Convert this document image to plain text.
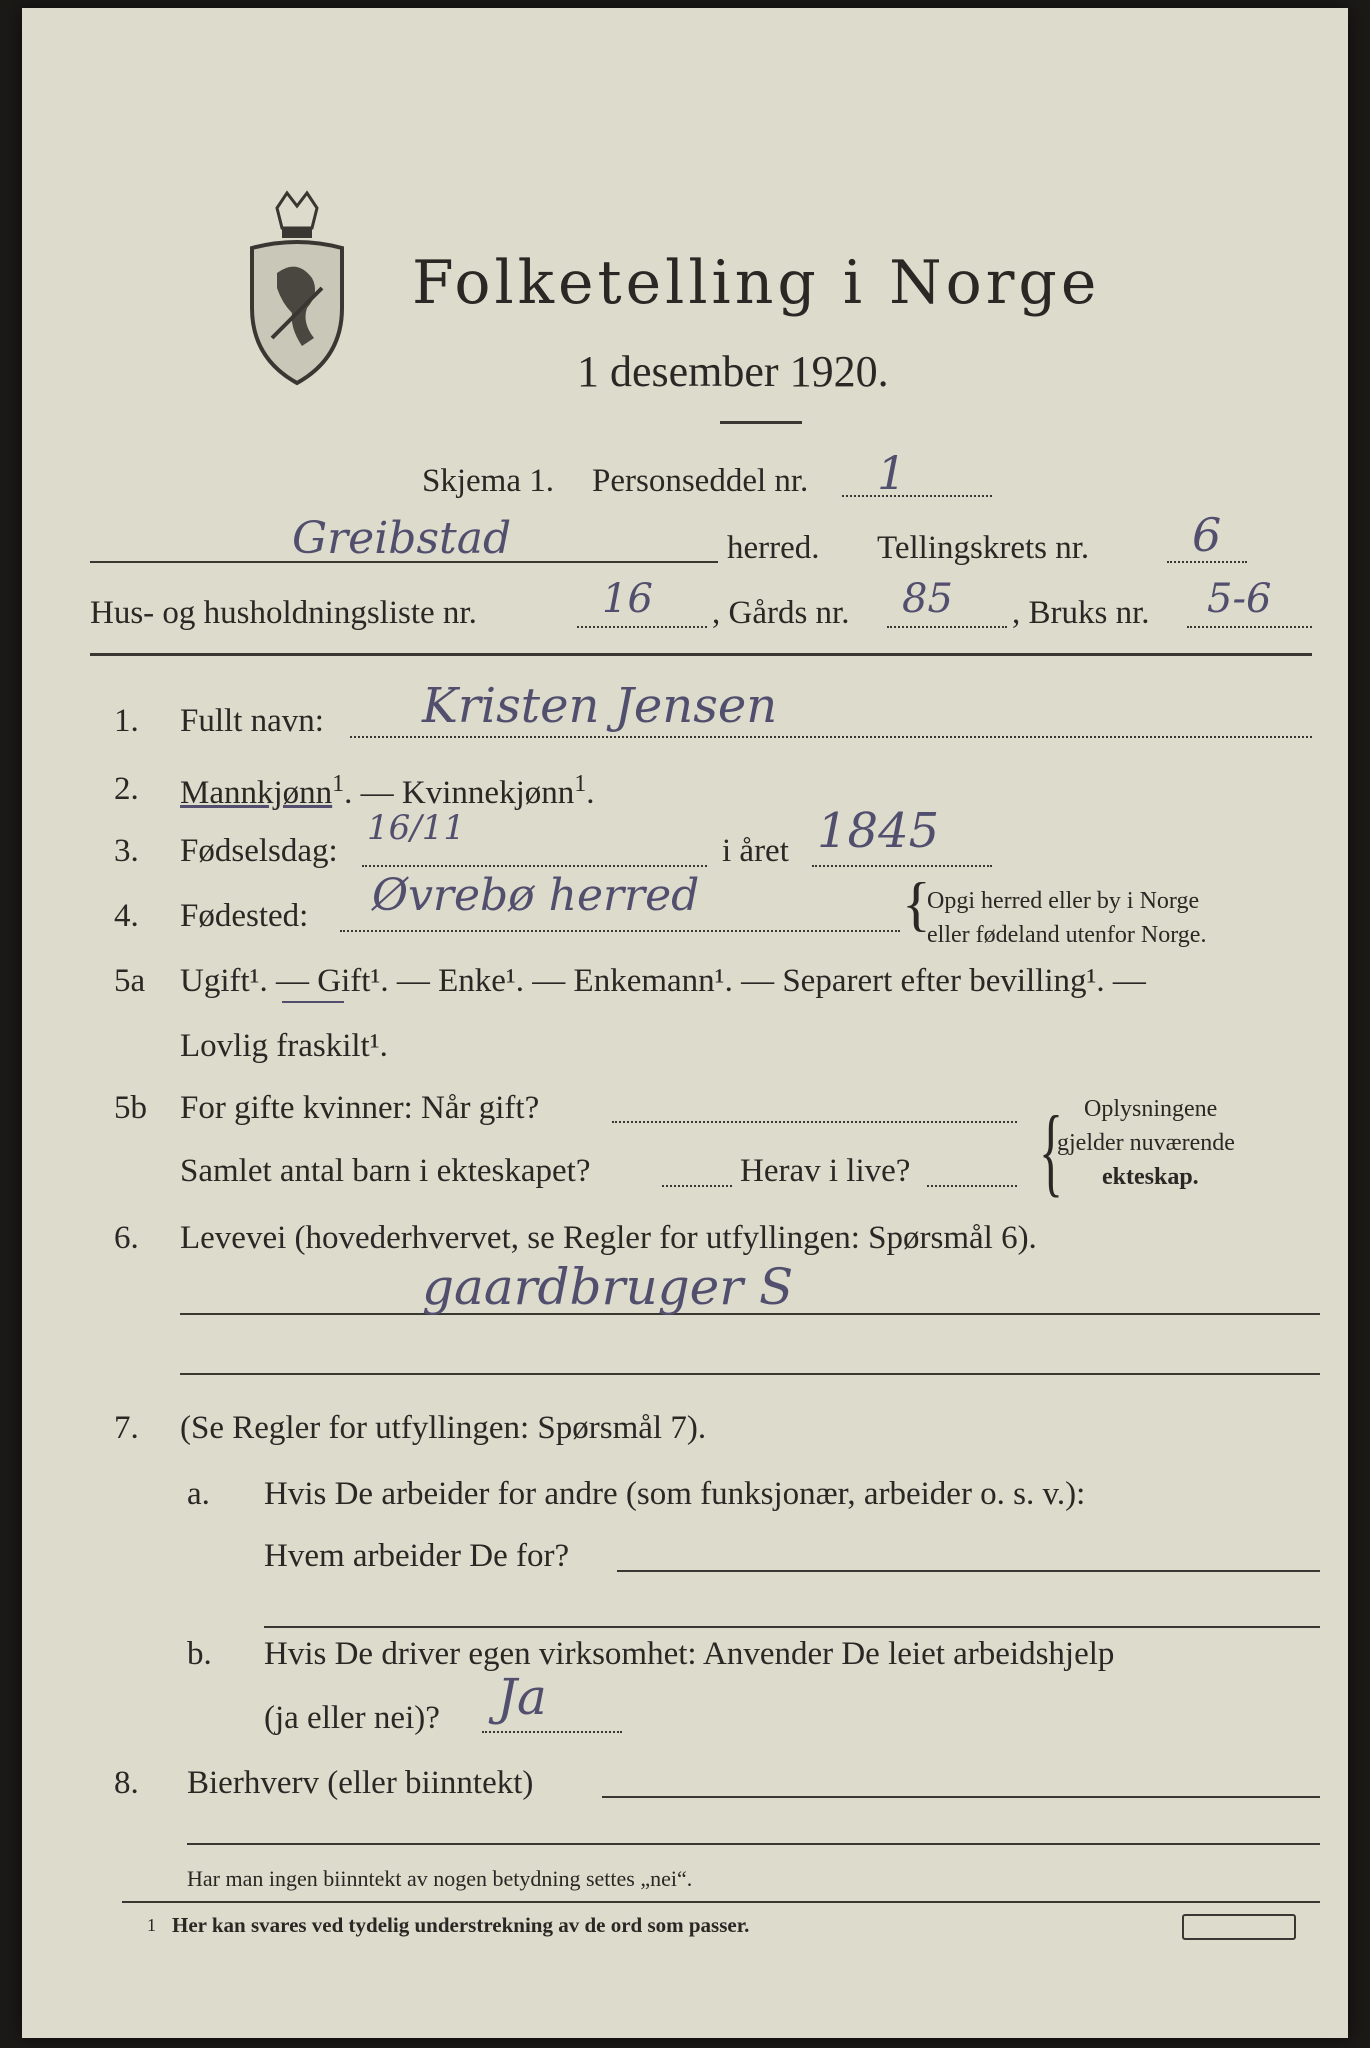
Folketelling i Norge
1 desember 1920.
Skjema 1. Personseddel nr. 1
Greibstad	herred. Tellingskrets nr. 6
Hus- og husholdningsliste nr.	16 , Gårds nr. 85 , Bruks nr. 5-6
1. Fullt navn: Kristen Jensen
2. Mannkjønn$^1$. — Kvinnekjønn$^1$.
3. Fødselsdag:
16/11
i året 1845
4. Fødested: Øvrebø herred	{
Opgi herred eller by i Norge
eller fødeland utenfor Norge.
5a Ugift¹. — Gift¹. — Enke¹. — Enkemann¹. — Separert efter bevilling¹. —
Lovlig fraskilt¹.
5b For gifte kvinner: Når gift?
Samlet antal barn i ekteskapet?	Herav i live? { Oplysningene
gjelder nuværende
ekteskap.
6. Levevei (hovederhvervet, se Regler for utfyllingen: Spørsmål 6).
gaardbruger S
7. (Se Regler for utfyllingen: Spørsmål 7).
a. Hvis De arbeider for andre (som funksjonær, arbeider o. s. v.):
Hvem arbeider De for?
b. Hvis De driver egen virksomhet: Anvender De leiet arbeidshjelp
(ja eller nei)? Ja
8. Bierhverv (eller biinntekt)
Har man ingen biinntekt av nogen betydning settes „nei“.
1 Her kan svares ved tydelig understrekning av de ord som passer.
